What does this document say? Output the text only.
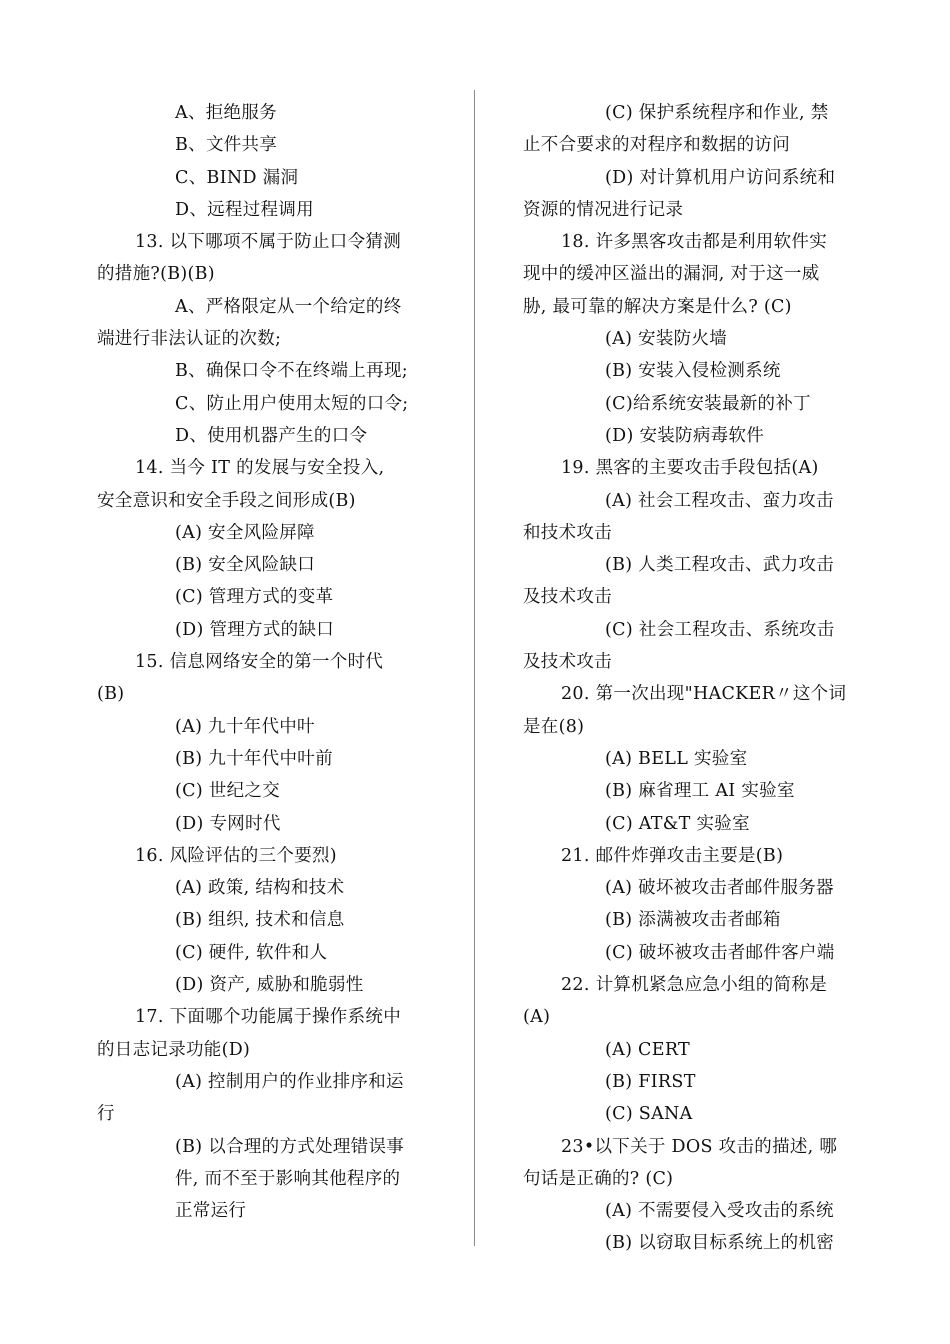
A、拒绝服务
B、文件共享
C、BIND 漏洞
D、远程过程调用
13. 以下哪项不属于防止口令猜测
的措施?(B)(B)
A、严格限定从一个给定的终
端进行非法认证的次数;
B、确保口令不在终端上再现;
C、防止用户使用太短的口令;
D、使用机器产生的口令
14. 当今 IT 的发展与安全投入,
安全意识和安全手段之间形成(B)
(A) 安全风险屏障
(B) 安全风险缺口
(C) 管理方式的变革
(D) 管理方式的缺口
15. 信息网络安全的第一个时代
(B)
(A) 九十年代中叶
(B) 九十年代中叶前
(C) 世纪之交
(D) 专网时代
16. 风险评估的三个要烈)
(A) 政策, 结构和技术
(B) 组织, 技术和信息
(C) 硬件, 软件和人
(D) 资产, 威胁和脆弱性
17. 下面哪个功能属于操作系统中
的日志记录功能(D)
(A) 控制用户的作业排序和运
行
(B) 以合理的方式处理错误事
件, 而不至于影响其他程序的
正常运行
(C) 保护系统程序和作业, 禁
止不合要求的对程序和数据的访问
(D) 对计算机用户访问系统和
资源的情况进行记录
18. 许多黑客攻击都是利用软件实
现中的缓冲区溢出的漏洞, 对于这一威
胁, 最可靠的解决方案是什么? (C)
(A) 安装防火墙
(B) 安装入侵检测系统
(C)给系统安装最新的补丁
(D) 安装防病毒软件
19. 黑客的主要攻击手段包括(A)
(A) 社会工程攻击、蛮力攻击
和技术攻击
(B) 人类工程攻击、武力攻击
及技术攻击
(C) 社会工程攻击、系统攻击
及技术攻击
20. 第一次出现"HACKER〃这个词
是在(8)
(A) BELL 实验室
(B) 麻省理工 AI 实验室
(C) AT&T 实验室
21. 邮件炸弹攻击主要是(B)
(A) 破坏被攻击者邮件服务器
(B) 添满被攻击者邮箱
(C) 破坏被攻击者邮件客户端
22. 计算机紧急应急小组的简称是
(A)
(A) CERT
(B) FIRST
(C) SANA
23•以下关于 DOS 攻击的描述, 哪
句话是正确的? (C)
(A) 不需要侵入受攻击的系统
(B) 以窃取目标系统上的机密
